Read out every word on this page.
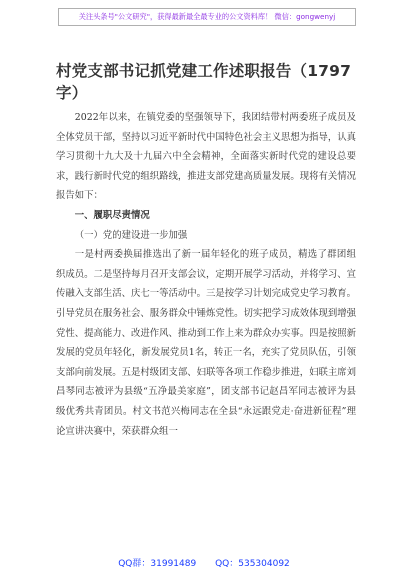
关注头条号"公文研究"，获得最新最全最专业的公文资料库！ 微信：gongwenyj
村党支部书记抓党建工作述职报告（1797字）

2022年以来，在镇党委的坚强领导下，我团结带村两委班子成员及全体党员干部，坚持以习近平新时代中国特色社会主义思想为指导，认真学习贯彻十九大及十九届六中全会精神，全面落实新时代党的建设总要求，践行新时代党的组织路线，推进支部党建高质量发展。现将有关情况报告如下：

一、履职尽责情况

（一）党的建设进一步加强

一是村两委换届推选出了新一届年轻化的班子成员，精选了群团组织成员。二是坚持每月召开支部会议，定期开展学习活动，并将学习、宣传融入支部生活、庆七一等活动中。三是按学习计划完成党史学习教育。引导党员在服务社会、服务群众中锤炼党性。切实把学习成效体现到增强党性、提高能力、改进作风、推动到工作上来为群众办实事。四是按照新发展的党员年轻化，新发展党员1名，转正一名，充实了党员队伍，引领支部向前发展。五是村级团支部、妇联等各项工作稳步推进，妇联主席刘昌琴同志被评为县级“五净最美家庭”，团支部书记赵昌军同志被评为县级优秀共青团员。村文书范兴梅同志在全县“永远跟党走·奋进新征程”理论宣讲决赛中，荣获群众组一

QQ群：31991489 QQ：535304092
